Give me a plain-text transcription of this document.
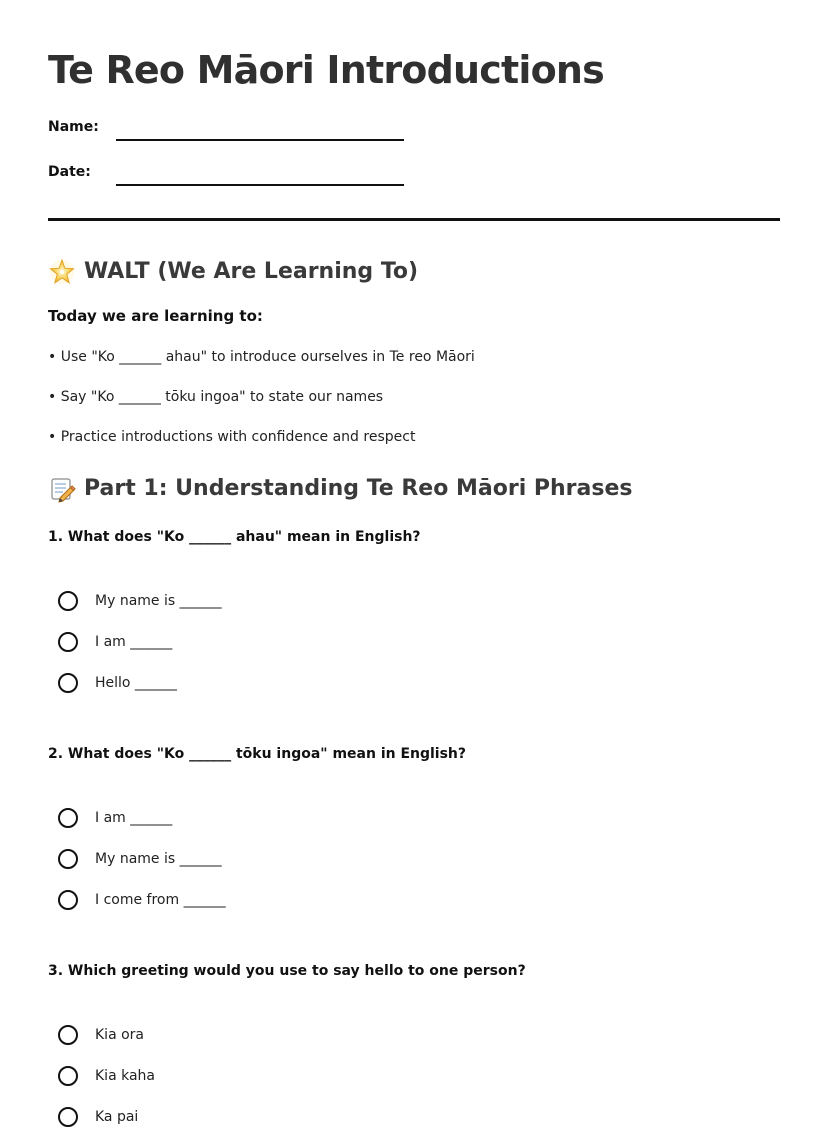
Te Reo Māori Introductions
Name:
Date:
WALT (We Are Learning To)

Today we are learning to:

• Use "Ko ______ ahau" to introduce ourselves in Te reo Māori

• Say "Ko ______ tōku ingoa" to state our names

• Practice introductions with confidence and respect

Part 1: Understanding Te Reo Māori Phrases

1. What does "Ko ______ ahau" mean in English?

My name is ______
I am ______
Hello ______

2. What does "Ko ______ tōku ingoa" mean in English?

I am ______
My name is ______
I come from ______

3. Which greeting would you use to say hello to one person?

Kia ora
Kia kaha
Ka pai
